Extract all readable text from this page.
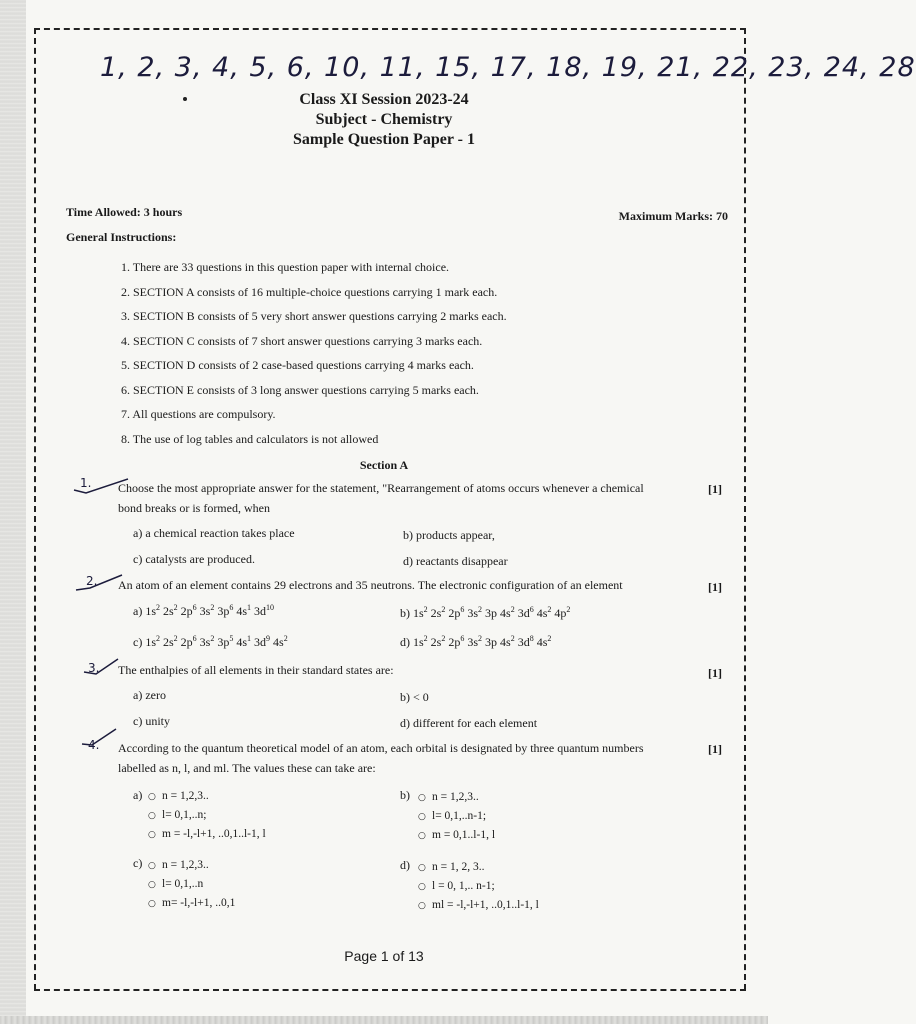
1, 2, 3, 4, 5, 6, 10, 11, 15, 17, 18, 19, 21, 22, 23, 24, 28
Class XI Session 2023-24
Subject - Chemistry
Sample Question Paper - 1
Time Allowed: 3 hours	Maximum Marks: 70
General Instructions:
1. There are 33 questions in this question paper with internal choice.
2. SECTION A consists of 16 multiple-choice questions carrying 1 mark each.
3. SECTION B consists of 5 very short answer questions carrying 2 marks each.
4. SECTION C consists of 7 short answer questions carrying 3 marks each.
5. SECTION D consists of 2 case-based questions carrying 4 marks each.
6. SECTION E consists of 3 long answer questions carrying 5 marks each.
7. All questions are compulsory.
8. The use of log tables and calculators is not allowed
Section A
1. Choose the most appropriate answer for the statement, "Rearrangement of atoms occurs whenever a chemical
bond breaks or is formed, when
[1]
a) a chemical reaction takes place	b) products appear,
c) catalysts are produced.	d) reactants disappear
2. An atom of an element contains 29 electrons and 35 neutrons. The electronic configuration of an element	[1]
a) $1s^2$ $2s^2$ $2p^6$ $3s^2$ $3p^6$ $4s^1$ $3d^{10}$	b) $1s^2$ $2s^2$ $2p^6$ $3s^2$ 3p $4s^2$ $3d^6$ $4s^2$ $4p^2$
c) $1s^2$ $2s^2$ $2p^6$ $3s^2$ $3p^5$ $4s^1$ $3d^9$ $4s^2$	d) $1s^2$ $2s^2$ $2p^6$ $3s^2$ 3p $4s^2$ $3d^8$ $4s^2$
3. The enthalpies of all elements in their standard states are:	[1]
a) zero	b) < 0
c) unity	d) different for each element
4. According to the quantum theoretical model of an atom, each orbital is designated by three quantum numbers
labelled as n, l, and ml. The values these can take are:
[1]
a) ○ n = 1,2,3..
○ l= 0,1,..n;
○ m = -l,-l+1, ..0,1..l-1, l
b) ○ n = 1,2,3..
○ l= 0,1,..n-1;
○ m = 0,1..l-1, l
c) ○ n = 1,2,3..
○ l= 0,1,..n
○ m= -l,-l+1, ..0,1
d) ○ n = 1, 2, 3..
○ l = 0, 1,.. n-1;
○ ml = -l,-l+1, ..0,1..l-1, l
Page 1 of 13
